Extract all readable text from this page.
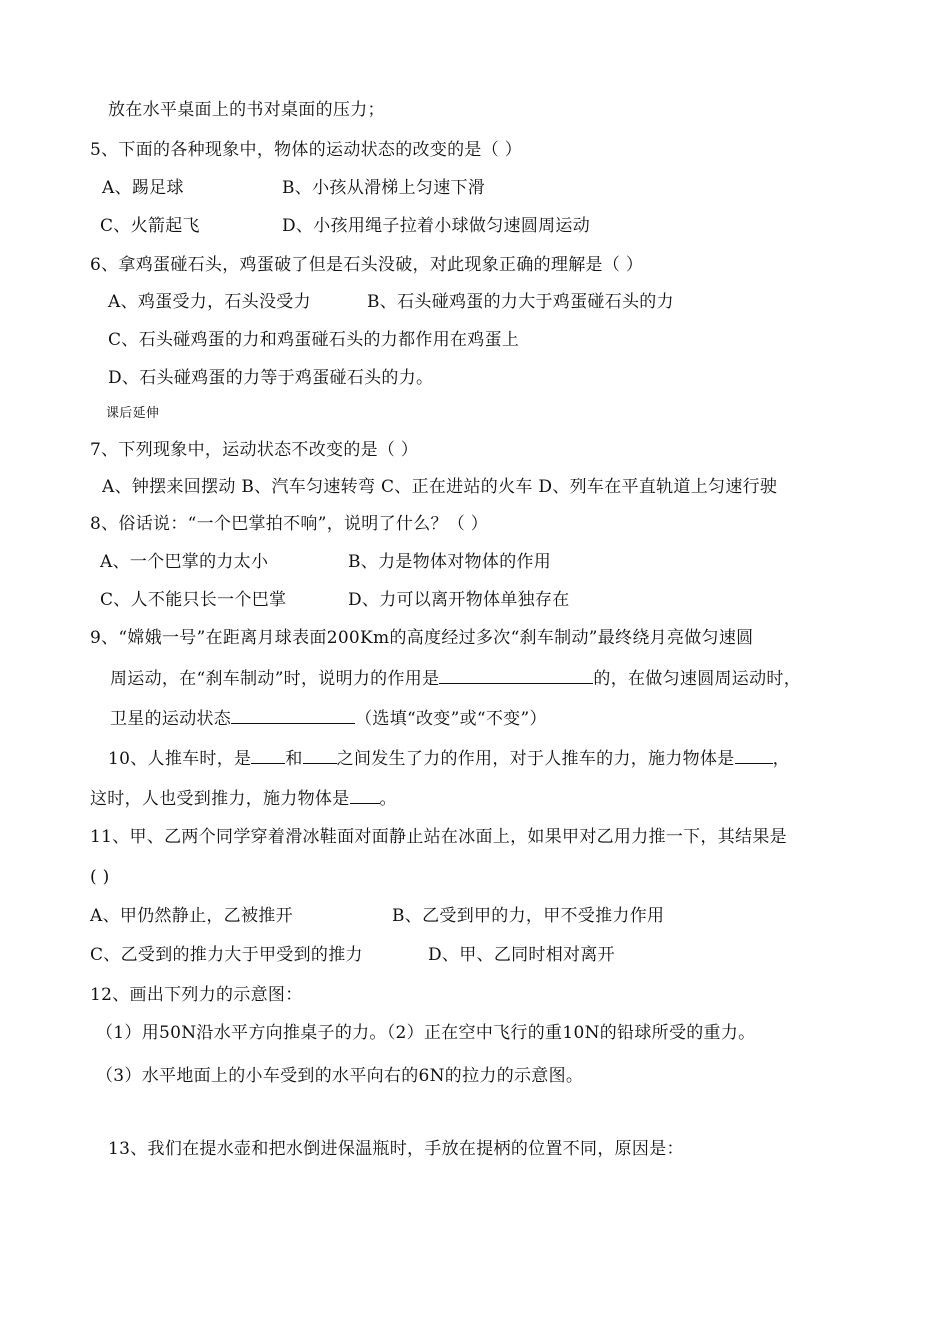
放在水平桌面上的书对桌面的压力；
5、下面的各种现象中，物体的运动状态的改变的是（ ）
A、踢足球	B、小孩从滑梯上匀速下滑
C、火箭起飞	D、小孩用绳子拉着小球做匀速圆周运动
6、拿鸡蛋碰石头，鸡蛋破了但是石头没破，对此现象正确的理解是（ ）
A、鸡蛋受力，石头没受力	B、石头碰鸡蛋的力大于鸡蛋碰石头的力
C、石头碰鸡蛋的力和鸡蛋碰石头的力都作用在鸡蛋上
D、石头碰鸡蛋的力等于鸡蛋碰石头的力。
课后延伸
7、下列现象中，运动状态不改变的是（ ）
A、钟摆来回摆动 B、汽车匀速转弯 C、正在进站的火车 D、列车在平直轨道上匀速行驶
8、俗话说：“一个巴掌拍不响”，说明了什么？（ ）
A、一个巴掌的力太小	B、力是物体对物体的作用
C、人不能只长一个巴掌	D、力可以离开物体单独存在
9、“嫦娥一号”在距离月球表面200Km的高度经过多次“刹车制动”最终绕月亮做匀速圆
周运动，在“刹车制动”时，说明力的作用是	的，在做匀速圆周运动时，
卫星的运动状态	（选填“改变”或“不变”）
10、人推车时，是 和 之间发生了力的作用，对于人推车的力，施力物体是 ，
这时，人也受到推力，施力物体是 。
11、甲、乙两个同学穿着滑冰鞋面对面静止站在冰面上，如果甲对乙用力推一下，其结果是
( )
A、甲仍然静止，乙被推开	B、乙受到甲的力，甲不受推力作用
C、乙受到的推力大于甲受到的推力	D、甲、乙同时相对离开
12、画出下列力的示意图：
（1）用50N沿水平方向推桌子的力。（2）正在空中飞行的重10N的铅球所受的重力。
（3）水平地面上的小车受到的水平向右的6N的拉力的示意图。
13、我们在提水壶和把水倒进保温瓶时，手放在提柄的位置不同，原因是：
